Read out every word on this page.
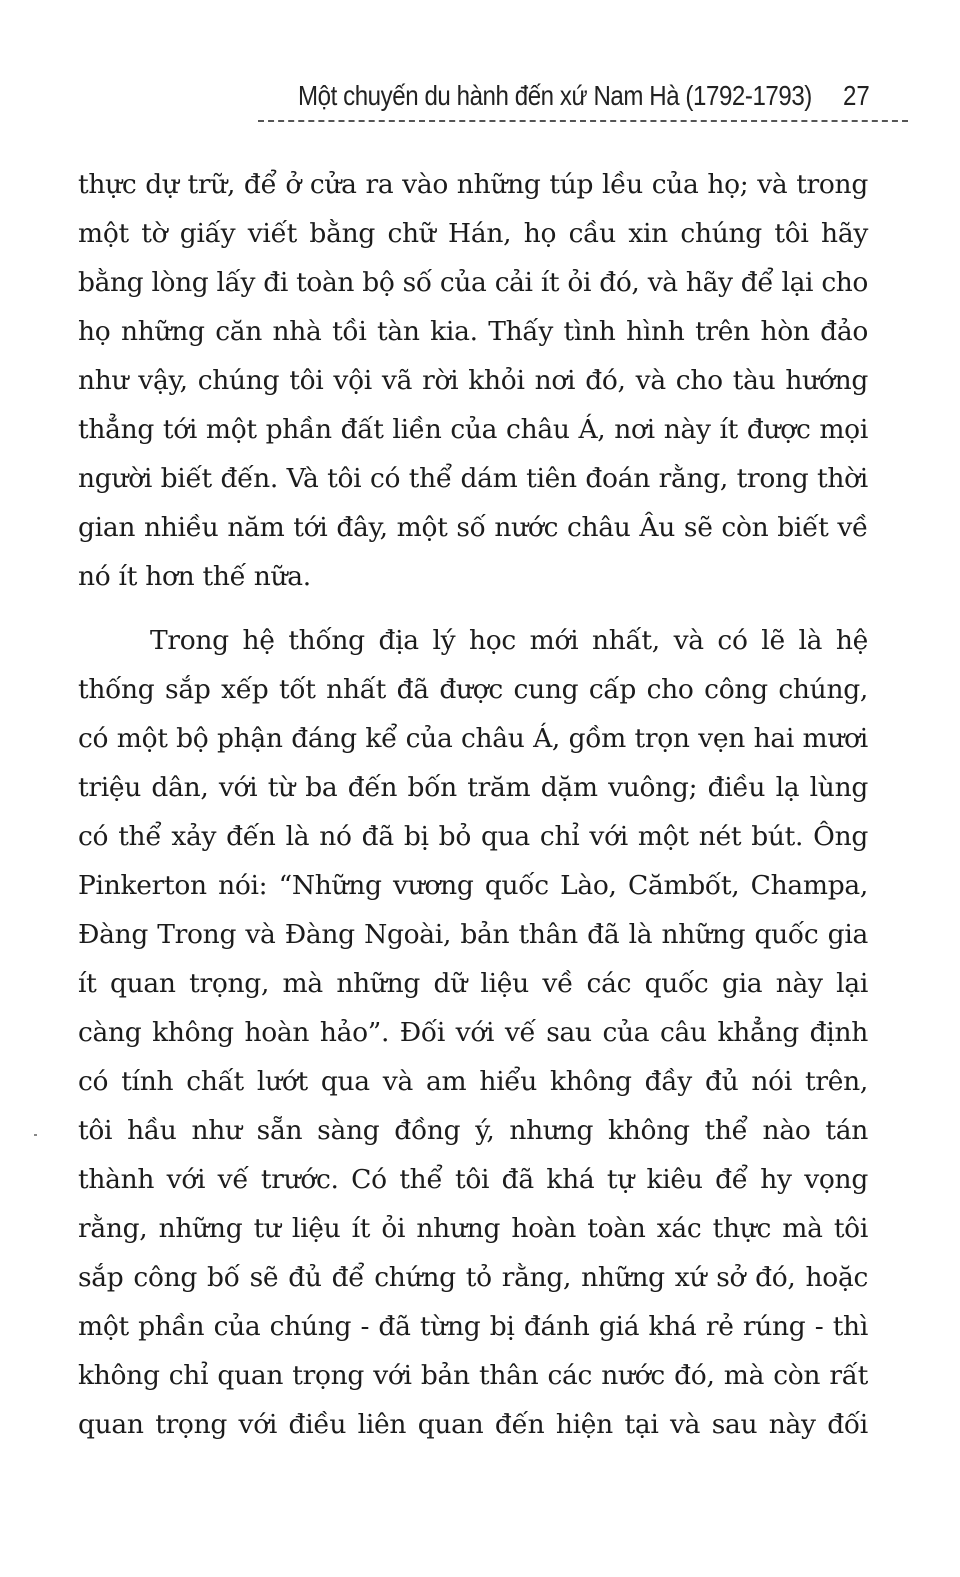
Một chuyến du hành đến xứ Nam Hà (1792-1793) 27
thực dự trữ, để ở cửa ra vào những túp lều của họ; và trong
một tờ giấy viết bằng chữ Hán, họ cầu xin chúng tôi hãy
bằng lòng lấy đi toàn bộ số của cải ít ỏi đó, và hãy để lại cho
họ những căn nhà tồi tàn kia. Thấy tình hình trên hòn đảo
như vậy, chúng tôi vội vã rời khỏi nơi đó, và cho tàu hướng
thẳng tới một phần đất liền của châu Á, nơi này ít được mọi
người biết đến. Và tôi có thể dám tiên đoán rằng, trong thời
gian nhiều năm tới đây, một số nước châu Âu sẽ còn biết về
nó ít hơn thế nữa.
Trong hệ thống địa lý học mới nhất, và có lẽ là hệ
thống sắp xếp tốt nhất đã được cung cấp cho công chúng,
có một bộ phận đáng kể của châu Á, gồm trọn vẹn hai mươi
triệu dân, với từ ba đến bốn trăm dặm vuông; điều lạ lùng
có thể xảy đến là nó đã bị bỏ qua chỉ với một nét bút. Ông
Pinkerton nói: “Những vương quốc Lào, Cămbốt, Champa,
Đàng Trong và Đàng Ngoài, bản thân đã là những quốc gia
ít quan trọng, mà những dữ liệu về các quốc gia này lại
càng không hoàn hảo”. Đối với vế sau của câu khẳng định
có tính chất lướt qua và am hiểu không đầy đủ nói trên,
tôi hầu như sẵn sàng đồng ý, nhưng không thể nào tán
thành với vế trước. Có thể tôi đã khá tự kiêu để hy vọng
rằng, những tư liệu ít ỏi nhưng hoàn toàn xác thực mà tôi
sắp công bố sẽ đủ để chứng tỏ rằng, những xứ sở đó, hoặc
một phần của chúng - đã từng bị đánh giá khá rẻ rúng - thì
không chỉ quan trọng với bản thân các nước đó, mà còn rất
quan trọng với điều liên quan đến hiện tại và sau này đối
